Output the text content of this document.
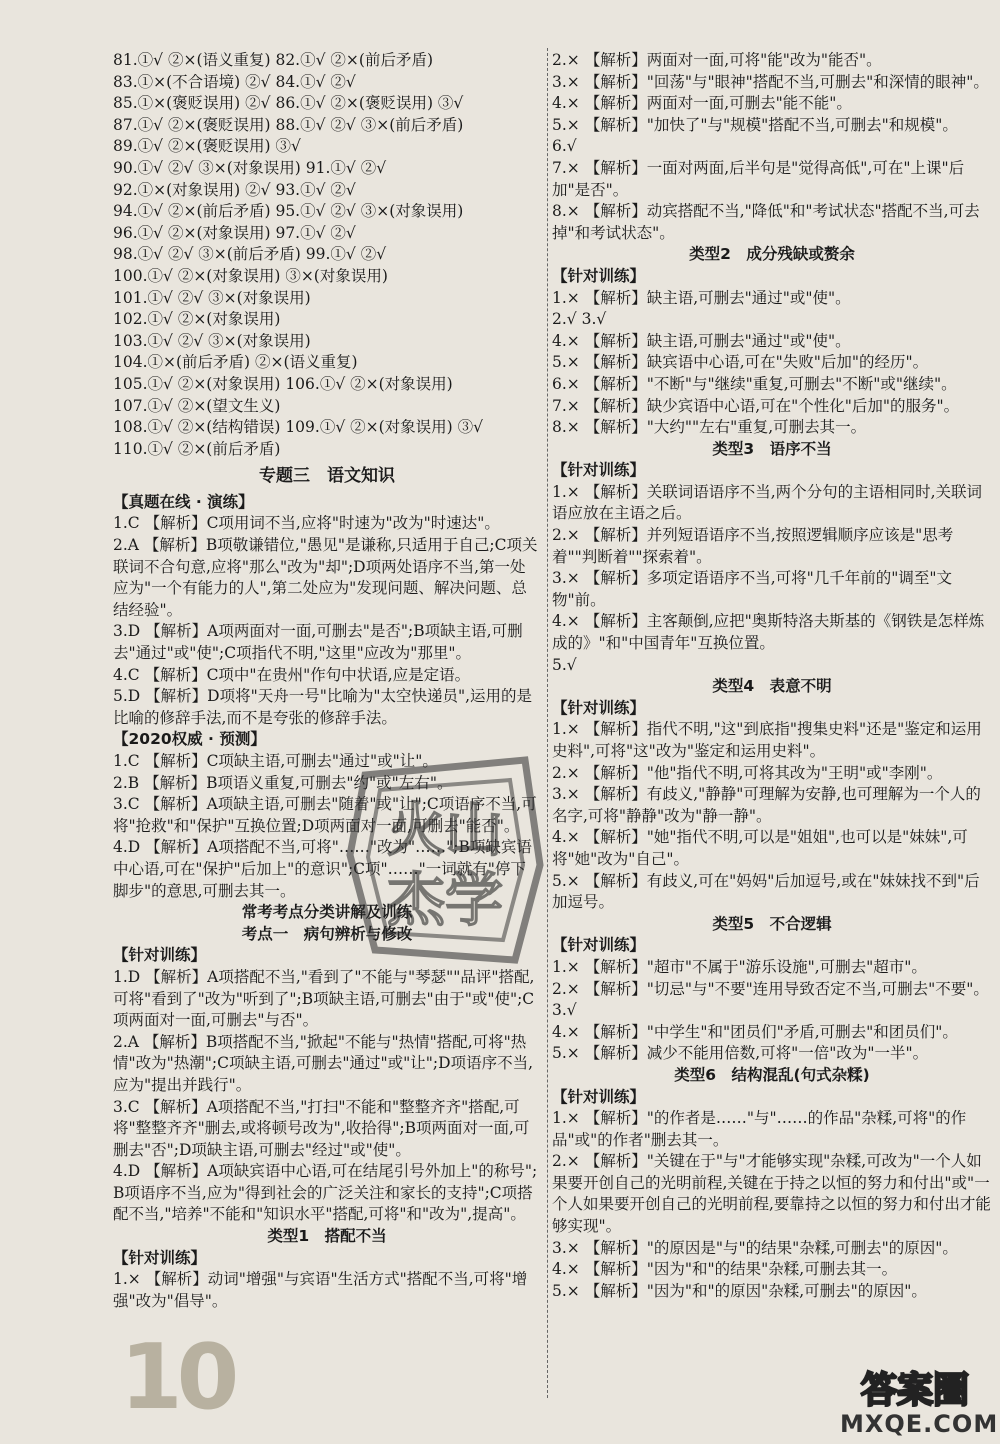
81.①√ ②×(语义重复) 82.①√ ②×(前后矛盾)
83.①×(不合语境) ②√ 84.①√ ②√
85.①×(褒贬误用) ②√ 86.①√ ②×(褒贬误用) ③√
87.①√ ②×(褒贬误用) 88.①√ ②√ ③×(前后矛盾)
89.①√ ②×(褒贬误用) ③√
90.①√ ②√ ③×(对象误用) 91.①√ ②√
92.①×(对象误用) ②√ 93.①√ ②√
94.①√ ②×(前后矛盾) 95.①√ ②√ ③×(对象误用)
96.①√ ②×(对象误用) 97.①√ ②√
98.①√ ②√ ③×(前后矛盾) 99.①√ ②√
100.①√ ②×(对象误用) ③×(对象误用)
101.①√ ②√ ③×(对象误用)
102.①√ ②×(对象误用)
103.①√ ②√ ③×(对象误用)
104.①×(前后矛盾) ②×(语义重复)
105.①√ ②×(对象误用) 106.①√ ②×(对象误用)
107.①√ ②×(望文生义)
108.①√ ②×(结构错误) 109.①√ ②×(对象误用) ③√
110.①√ ②×(前后矛盾)
专题三　语文知识
【真题在线 · 演练】
1.C 【解析】C项用词不当,应将"时速为"改为"时速达"。
2.A 【解析】B项敬谦错位,"愚见"是谦称,只适用于自己;C项关联词不合句意,应将"那么"改为"却";D项两处语序不当,第一处应为"一个有能力的人",第二处应为"发现问题、解决问题、总结经验"。
3.D 【解析】A项两面对一面,可删去"是否";B项缺主语,可删去"通过"或"使";C项指代不明,"这里"应改为"那里"。
4.C 【解析】C项中"在贵州"作句中状语,应是定语。
5.D 【解析】D项将"天舟一号"比喻为"太空快递员",运用的是比喻的修辞手法,而不是夸张的修辞手法。
【2020权威 · 预测】
1.C 【解析】C项缺主语,可删去"通过"或"让"。
2.B 【解析】B项语义重复,可删去"约"或"左右"。
3.C 【解析】A项缺主语,可删去"随着"或"让";C项语序不当,可将"抢救"和"保护"互换位置;D项两面对一面,可删去"能否"。
4.D 【解析】A项搭配不当,可将"……"改为"……";B项缺宾语中心语,可在"保护"后加上"的意识";C项"……"一词就有"停下脚步"的意思,可删去其一。
常考考点分类讲解及训练
考点一　病句辨析与修改
【针对训练】
1.D 【解析】A项搭配不当,"看到了"不能与"琴瑟""品评"搭配,可将"看到了"改为"听到了";B项缺主语,可删去"由于"或"使";C项两面对一面,可删去"与否"。
2.A 【解析】B项搭配不当,"掀起"不能与"热情"搭配,可将"热情"改为"热潮";C项缺主语,可删去"通过"或"让";D项语序不当,应为"提出并践行"。
3.C 【解析】A项搭配不当,"打扫"不能和"整整齐齐"搭配,可将"整整齐齐"删去,或将顿号改为",收拾得";B项两面对一面,可删去"否";D项缺主语,可删去"经过"或"使"。
4.D 【解析】A项缺宾语中心语,可在结尾引号外加上"的称号";B项语序不当,应为"得到社会的广泛关注和家长的支持";C项搭配不当,"培养"不能和"知识水平"搭配,可将"和"改为",提高"。
类型1　搭配不当
【针对训练】
1.× 【解析】动词"增强"与宾语"生活方式"搭配不当,可将"增强"改为"倡导"。
2.× 【解析】两面对一面,可将"能"改为"能否"。
3.× 【解析】"回荡"与"眼神"搭配不当,可删去"和深情的眼神"。
4.× 【解析】两面对一面,可删去"能不能"。
5.× 【解析】"加快了"与"规模"搭配不当,可删去"和规模"。
6.√
7.× 【解析】一面对两面,后半句是"觉得高低",可在"上课"后加"是否"。
8.× 【解析】动宾搭配不当,"降低"和"考试状态"搭配不当,可去掉"和考试状态"。
类型2　成分残缺或赘余
【针对训练】
1.× 【解析】缺主语,可删去"通过"或"使"。
2.√ 3.√
4.× 【解析】缺主语,可删去"通过"或"使"。
5.× 【解析】缺宾语中心语,可在"失败"后加"的经历"。
6.× 【解析】"不断"与"继续"重复,可删去"不断"或"继续"。
7.× 【解析】缺少宾语中心语,可在"个性化"后加"的服务"。
8.× 【解析】"大约""左右"重复,可删去其一。
类型3　语序不当
【针对训练】
1.× 【解析】关联词语语序不当,两个分句的主语相同时,关联词语应放在主语之后。
2.× 【解析】并列短语语序不当,按照逻辑顺序应该是"思考着""判断着""探索着"。
3.× 【解析】多项定语语序不当,可将"几千年前的"调至"文物"前。
4.× 【解析】主客颠倒,应把"奥斯特洛夫斯基的《钢铁是怎样炼成的》"和"中国青年"互换位置。
5.√
类型4　表意不明
【针对训练】
1.× 【解析】指代不明,"这"到底指"搜集史料"还是"鉴定和运用史料",可将"这"改为"鉴定和运用史料"。
2.× 【解析】"他"指代不明,可将其改为"王明"或"李刚"。
3.× 【解析】有歧义,"静静"可理解为安静,也可理解为一个人的名字,可将"静静"改为"静一静"。
4.× 【解析】"她"指代不明,可以是"姐姐",也可以是"妹妹",可将"她"改为"自己"。
5.× 【解析】有歧义,可在"妈妈"后加逗号,或在"妹妹找不到"后加逗号。
类型5　不合逻辑
【针对训练】
1.× 【解析】"超市"不属于"游乐设施",可删去"超市"。
2.× 【解析】"切忌"与"不要"连用导致否定不当,可删去"不要"。
3.√
4.× 【解析】"中学生"和"团员们"矛盾,可删去"和团员们"。
5.× 【解析】减少不能用倍数,可将"一倍"改为"一半"。
类型6　结构混乱(句式杂糅)
【针对训练】
1.× 【解析】"的作者是……"与"……的作品"杂糅,可将"的作品"或"的作者"删去其一。
2.× 【解析】"关键在于"与"才能够实现"杂糅,可改为"一个人如果要开创自己的光明前程,关键在于持之以恒的努力和付出"或"一个人如果要开创自己的光明前程,要靠持之以恒的努力和付出才能够实现"。
3.× 【解析】"的原因是"与"的结果"杂糅,可删去"的原因"。
4.× 【解析】"因为"和"的结果"杂糅,可删去其一。
5.× 【解析】"因为"和"的原因"杂糅,可删去"的原因"。
10
火山
杰学
答案圈
MXQE.COM
